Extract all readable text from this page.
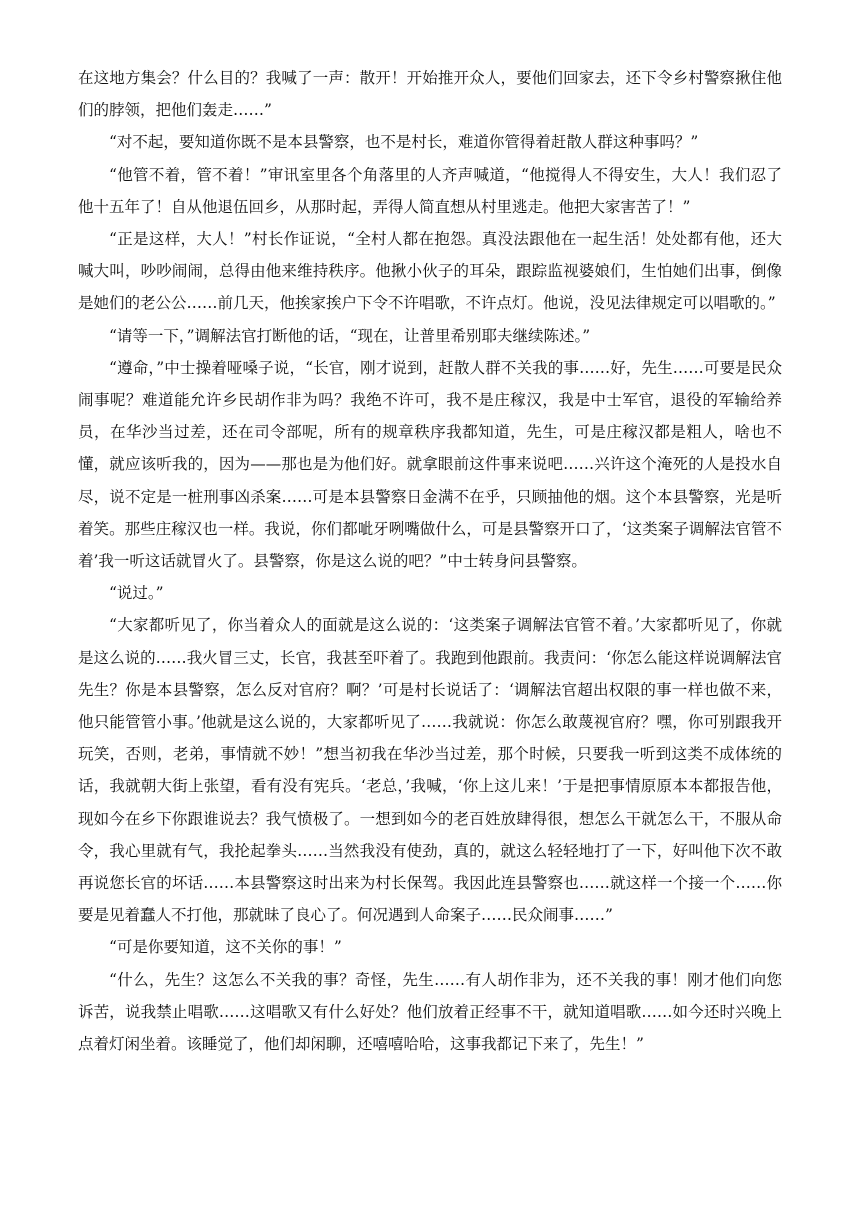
在这地方集会？什么目的？我喊了一声：散开！开始推开众人，要他们回家去，还下令乡村警察揪住他们的脖领，把他们轰走……”

“对不起，要知道你既不是本县警察，也不是村长，难道你管得着赶散人群这种事吗？”

“他管不着，管不着！”审讯室里各个角落里的人齐声喊道，“他搅得人不得安生，大人！我们忍了他十五年了！自从他退伍回乡，从那时起，弄得人简直想从村里逃走。他把大家害苦了！”

“正是这样，大人！”村长作证说，“全村人都在抱怨。真没法跟他在一起生活！处处都有他，还大喊大叫，吵吵闹闹，总得由他来维持秩序。他揪小伙子的耳朵，跟踪监视婆娘们，生怕她们出事，倒像是她们的老公公……前几天，他挨家挨户下令不许唱歌，不许点灯。他说，没见法律规定可以唱歌的。”

“请等一下，”调解法官打断他的话，“现在，让普里希别耶夫继续陈述。”

“遵命，”中士操着哑嗓子说，“长官，刚才说到，赶散人群不关我的事……好，先生……可要是民众闹事呢？难道能允许乡民胡作非为吗？我绝不许可，我不是庄稼汉，我是中士军官，退役的军输给养员，在华沙当过差，还在司令部呢，所有的规章秩序我都知道，先生，可是庄稼汉都是粗人，啥也不懂，就应该听我的，因为——那也是为他们好。就拿眼前这件事来说吧……兴许这个淹死的人是投水自尽，说不定是一桩刑事凶杀案……可是本县警察日金满不在乎，只顾抽他的烟。这个本县警察，光是听着笑。那些庄稼汉也一样。我说，你们都呲牙咧嘴做什么，可是县警察开口了，‘这类案子调解法官管不着’我一听这话就冒火了。县警察，你是这么说的吧？”中士转身问县警察。

“说过。”

“大家都听见了，你当着众人的面就是这么说的：‘这类案子调解法官管不着。’大家都听见了，你就是这么说的……我火冒三丈，长官，我甚至吓着了。我跑到他跟前。我责问：‘你怎么能这样说调解法官先生？你是本县警察，怎么反对官府？啊？’可是村长说话了：‘调解法官超出权限的事一样也做不来，他只能管管小事。’他就是这么说的，大家都听见了……我就说：你怎么敢蔑视官府？嘿，你可别跟我开玩笑，否则，老弟，事情就不妙！”想当初我在华沙当过差，那个时候，只要我一听到这类不成体统的话，我就朝大街上张望，看有没有宪兵。‘老总，’我喊，‘你上这儿来！’于是把事情原原本本都报告他，现如今在乡下你跟谁说去？我气愤极了。一想到如今的老百姓放肆得很，想怎么干就怎么干，不服从命令，我心里就有气，我抡起拳头……当然我没有使劲，真的，就这么轻轻地打了一下，好叫他下次不敢再说您长官的坏话……本县警察这时出来为村长保驾。我因此连县警察也……就这样一个接一个……你要是见着蠢人不打他，那就昧了良心了。何况遇到人命案子……民众闹事……”

“可是你要知道，这不关你的事！”

“什么，先生？这怎么不关我的事？奇怪，先生……有人胡作非为，还不关我的事！刚才他们向您诉苦，说我禁止唱歌……这唱歌又有什么好处？他们放着正经事不干，就知道唱歌……如今还时兴晚上点着灯闲坐着。该睡觉了，他们却闲聊，还嘻嘻哈哈，这事我都记下来了，先生！”
